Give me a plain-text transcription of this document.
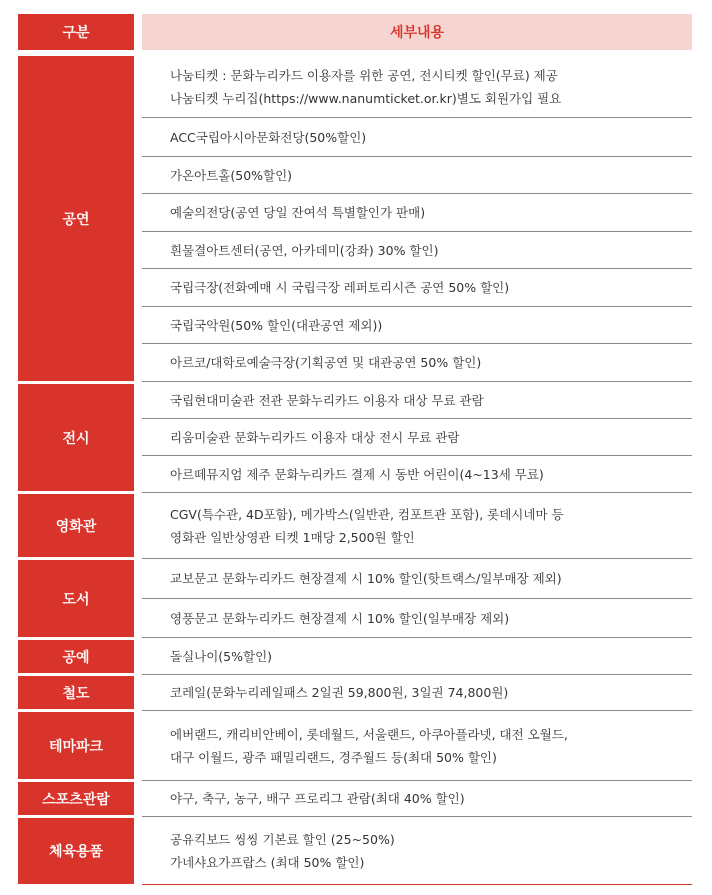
구분	세부내용
공연
전시
영화관
도서
공예
철도
테마파크
스포츠관람
체육용품
나눔티켓 : 문화누리카드 이용자를 위한 공연, 전시티켓 할인(무료) 제공
나눔티켓 누리집(https://www.nanumticket.or.kr)별도 회원가입 필요
ACC국립아시아문화전당(50%할인)
가온아트홀(50%할인)
예술의전당(공연 당일 잔여석 특별할인가 판매)
흰물결아트센터(공연, 아카데미(강좌) 30% 할인)
국립극장(전화예매 시 국립극장 레퍼토리시즌 공연 50% 할인)
국립국악원(50% 할인(대관공연 제외))
아르코/대학로예술극장(기획공연 및 대관공연 50% 할인)
국립현대미술관 전관 문화누리카드 이용자 대상 무료 관람
리움미술관 문화누리카드 이용자 대상 전시 무료 관람
아르떼뮤지엄 제주 문화누리카드 결제 시 동반 어린이(4~13세 무료)
CGV(특수관, 4D포함), 메가박스(일반관, 컴포트관 포함), 롯데시네마 등
영화관 일반상영관 티켓 1매당 2,500원 할인
교보문고 문화누리카드 현장결제 시 10% 할인(핫트랙스/일부매장 제외)
영풍문고 문화누리카드 현장결제 시 10% 할인(일부매장 제외)
돌실나이(5%할인)
코레일(문화누리레일패스 2일권 59,800원, 3일권 74,800원)
에버랜드, 캐리비안베이, 롯데월드, 서울랜드, 아쿠아플라넷, 대전 오월드,
대구 이월드, 광주 패밀리랜드, 경주월드 등(최대 50% 할인)
야구, 축구, 농구, 배구 프로리그 관람(최대 40% 할인)
공유킥보드 씽씽 기본료 할인 (25~50%)
가네샤요가프랍스 (최대 50% 할인)
